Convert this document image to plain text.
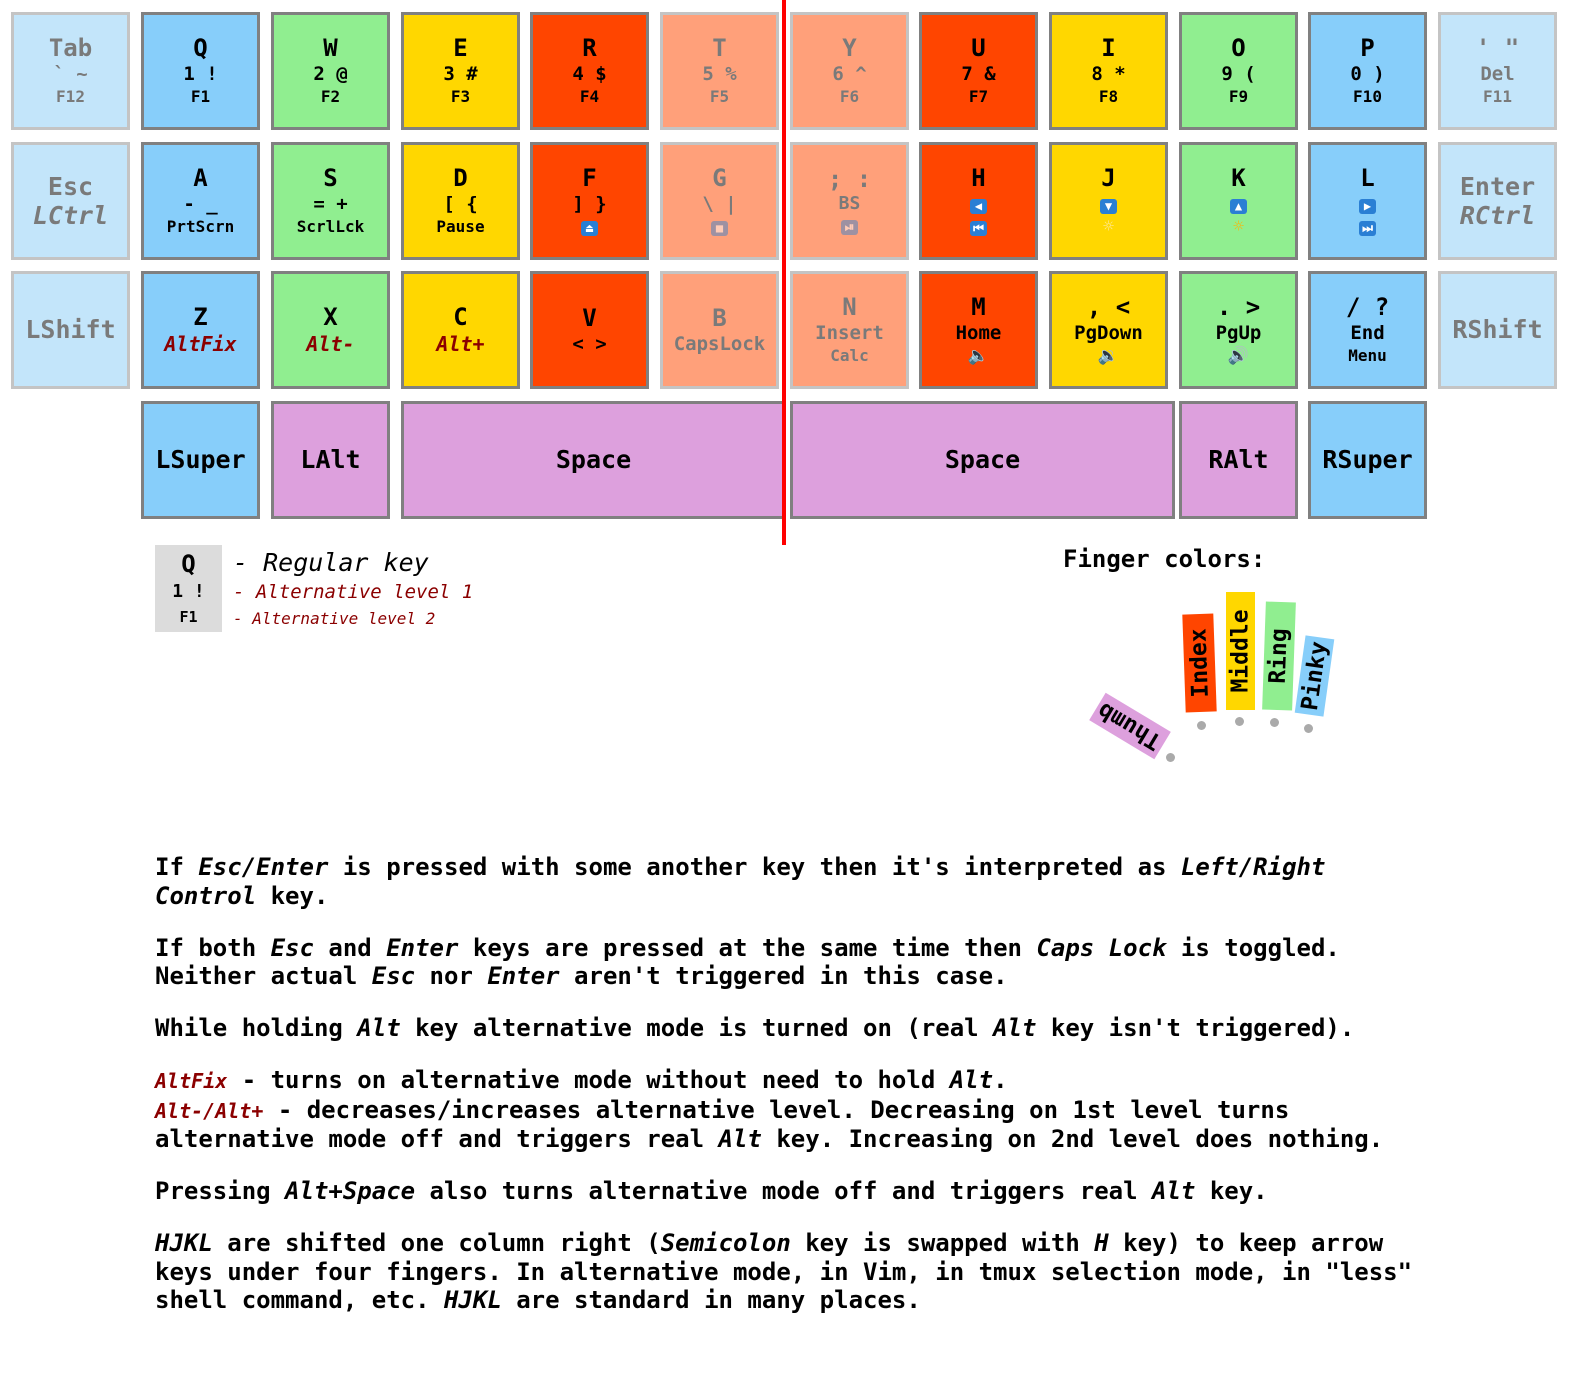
Tab
` ~
F12
Q
1 !
F1
W
2 @
F2
E
3 #
F3
R
4 $
F4
T
5 %
F5
Y
6 ^
F6
U
7 &
F7
I
8 *
F8
O
9 (
F9
P
0 )
F10
' "
Del
F11
Esc
LCtrl
A
- _
PrtScrn
S
= +
ScrlLck
D
[ {
Pause
F
] }
⏏
G
\ |
■
; :
BS
⏯
H
◀
⏮
J
▼
☼
K
▲
☼
L
▶
⏭
Enter
RCtrl
LShift	Z
AltFix
X
Alt-
C
Alt+
V
< >
B
CapsLock
N
Insert
Calc
M
Home
🔈
, <
PgDown
🔉
. >
PgUp
🔊
/ ?
End
Menu
RShift
LSuper LAlt	Space	Space	RAlt RSuper
Q
1 !
F1
- Regular key
- Alternative level 1
- Alternative level 2
Finger colors:
Thumb
Index Middle Ring Pinky

If Esc/Enter is pressed with some another key then it's interpreted as Left/Right Control key.

If both Esc and Enter keys are pressed at the same time then Caps Lock is toggled. Neither actual Esc nor Enter aren't triggered in this case.

While holding Alt key alternative mode is turned on (real Alt key isn't triggered).

AltFix - turns on alternative mode without need to hold Alt.
Alt-/Alt+ - decreases/increases alternative level. Decreasing on 1st level turns alternative mode off and triggers real Alt key. Increasing on 2nd level does nothing.

Pressing Alt+Space also turns alternative mode off and triggers real Alt key.

HJKL are shifted one column right (Semicolon key is swapped with H key) to keep arrow keys under four fingers. In alternative mode, in Vim, in tmux selection mode, in "less" shell command, etc. HJKL are standard in many places.
